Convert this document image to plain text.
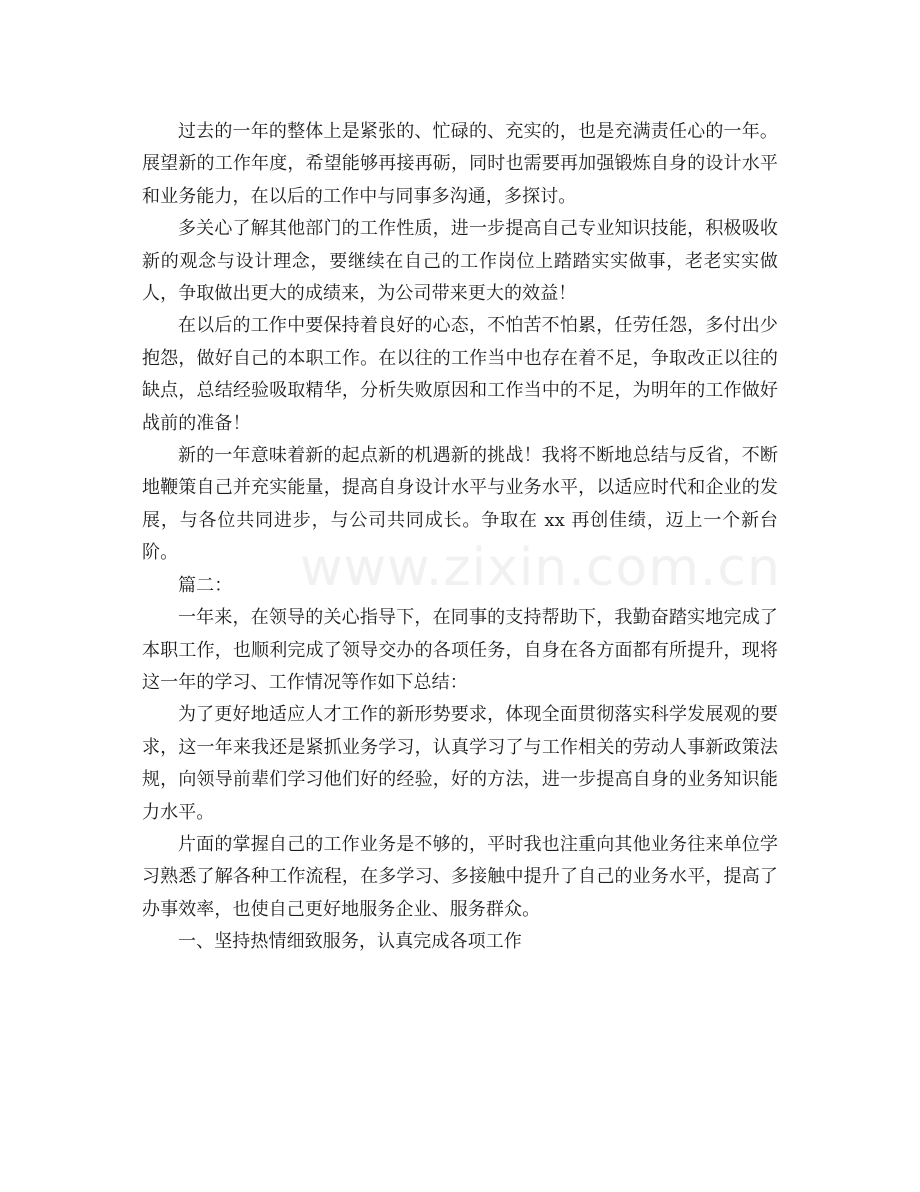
www.zixin.com.cn

过去的一年的整体上是紧张的、忙碌的、充实的，也是充满责任心的一年。展望新的工作年度，希望能够再接再砺，同时也需要再加强锻炼自身的设计水平和业务能力，在以后的工作中与同事多沟通，多探讨。

多关心了解其他部门的工作性质，进一步提高自己专业知识技能，积极吸收新的观念与设计理念，要继续在自己的工作岗位上踏踏实实做事，老老实实做人，争取做出更大的成绩来，为公司带来更大的效益！

在以后的工作中要保持着良好的心态，不怕苦不怕累，任劳任怨，多付出少抱怨，做好自己的本职工作。在以往的工作当中也存在着不足，争取改正以往的缺点，总结经验吸取精华，分析失败原因和工作当中的不足，为明年的工作做好战前的准备！

新的一年意味着新的起点新的机遇新的挑战！我将不断地总结与反省，不断地鞭策自己并充实能量，提高自身设计水平与业务水平，以适应时代和企业的发展，与各位共同进步，与公司共同成长。争取在 xx 再创佳绩，迈上一个新台阶。

篇二：

一年来，在领导的关心指导下，在同事的支持帮助下，我勤奋踏实地完成了本职工作，也顺利完成了领导交办的各项任务，自身在各方面都有所提升，现将这一年的学习、工作情况等作如下总结：

为了更好地适应人才工作的新形势要求，体现全面贯彻落实科学发展观的要求，这一年来我还是紧抓业务学习，认真学习了与工作相关的劳动人事新政策法规，向领导前辈们学习他们好的经验，好的方法，进一步提高自身的业务知识能力水平。

片面的掌握自己的工作业务是不够的，平时我也注重向其他业务往来单位学习熟悉了解各种工作流程，在多学习、多接触中提升了自己的业务水平，提高了办事效率，也使自己更好地服务企业、服务群众。

一、坚持热情细致服务，认真完成各项工作
